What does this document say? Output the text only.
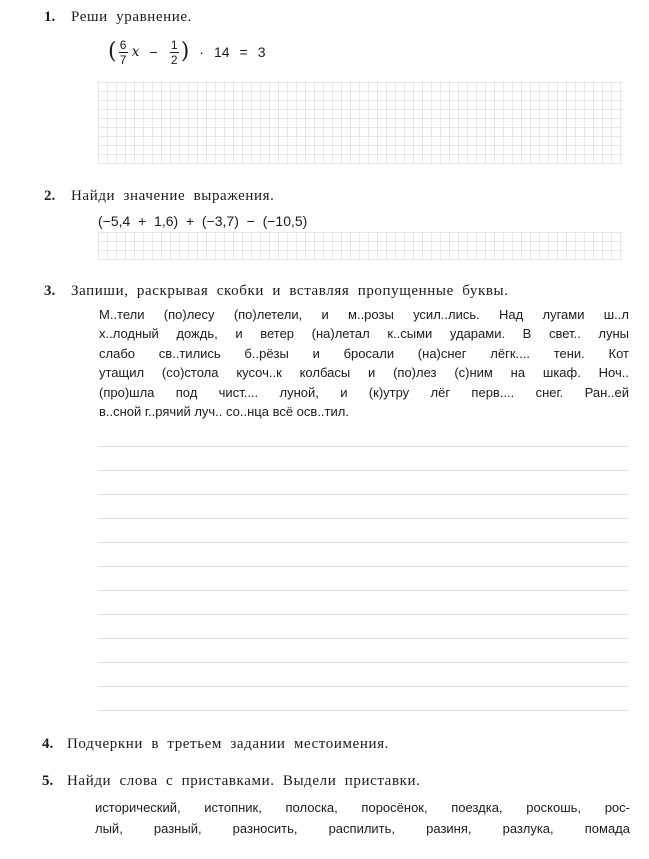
1. Реши уравнение.
( $\frac{6}{7}$ $x - \frac{1}{2}$ ) · 14 = 3
2. Найди значение выражения.
(−5,4  +  1,6)  +  (−3,7)  −  (−10,5)
3. Запиши, раскрывая скобки и вставляя пропущенные буквы.
М..тели (по)лесу (по)летели, и м..розы усил..лись. Над лугами ш..л
х..лодный дождь, и ветер (на)летал к..сыми ударами. В свет.. луны
слабо св..тились б..рёзы и бросали (на)снег лёгк.... тени. Кот
утащил (со)стола кусоч..к колбасы и (по)лез (с)ним на шкаф. Ноч..
(про)шла под чист.... луной, и (к)утру лёг перв.... снег. Ран..ей
в..сной г..рячий луч.. со..нца всё осв..тил.
4. Подчеркни в третьем задании местоимения.
5. Найди слова с приставками. Выдели приставки.
исторический, истопник, полоска, поросёнок, поездка, роскошь, рос-
лый, разный, разносить, распилить, разиня, разлука, помада
